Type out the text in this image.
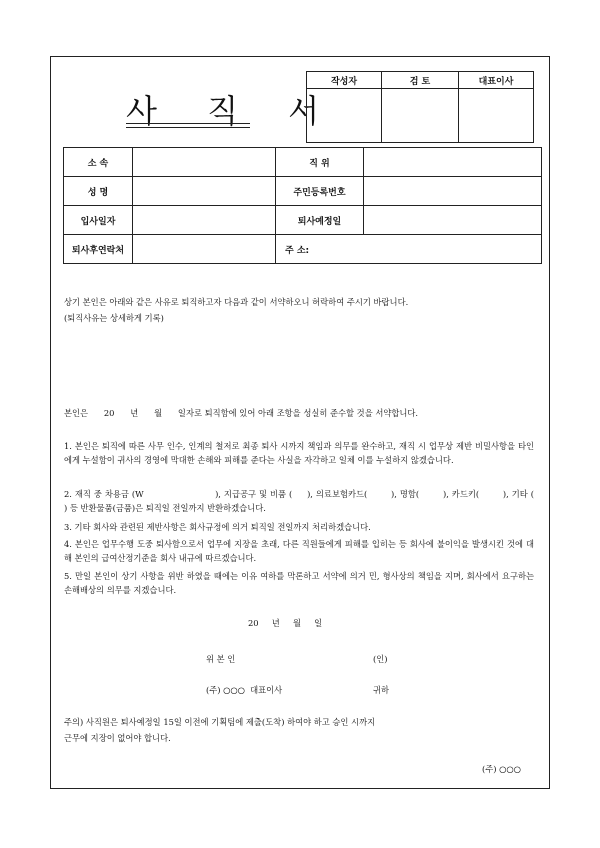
사 직 서
작성자	검 토	대표이사

소 속		직 위	
성 명		주민등록번호	
입사일자		퇴사예정일	
퇴사후연락처		주 소:	
상기 본인은 아래와 같은 사유로 퇴직하고자 다음과 같이 서약하오니 허락하여 주시기 바랍니다.
(퇴직사유는 상세하게 기록)
본인은      20      년      월      일자로 퇴직함에 있어 아래 조항을 성실히 준수할 것을 서약합니다.
1. 본인은 퇴직에 따른 사무 인수, 인계의 철저로 최종 퇴사 시까지 책임과 의무를 완수하고, 재직 시 업무상 제반 비밀사항을 타인에게 누설함이 귀사의 경영에 막대한 손해와 피해를 준다는 사실을 자각하고 일체 이를 누설하지 않겠습니다.
2. 재직 중 차용금 (W                        ), 지급공구 및 비품 (     ), 의료보험카드(        ), 명함(        ), 카드키(        ), 기타 (                      ) 등 반환물품(금품)은 퇴직일 전일까지 반환하겠습니다.
3. 기타 회사와 관련된 제반사항은 회사규정에 의거 퇴직일 전일까지 처리하겠습니다.
4. 본인은 업무수행 도중 퇴사함으로서 업무에 지장을 초래, 다른 직원들에게 피해를 입히는 등 회사에 불이익을 발생시킨 것에 대해 본인의 급여산정기준을 회사 내규에 따르겠습니다.
5. 만일 본인이 상기 사항을 위반 하였을 때에는 이유 여하를 막론하고 서약에 의거 민, 형사상의 책임을 지며, 회사에서 요구하는 손해배상의 의무를 지겠습니다.
20     년     월     일
위 본 인	(인)
(주) ○○○  대표이사	귀하
주의) 사직원은 퇴사예정일 15일 이전에 기획팀에 제출(도착) 하여야 하고 승인 시까지
근무에 지장이 없어야 합니다.
(주) ○○○
